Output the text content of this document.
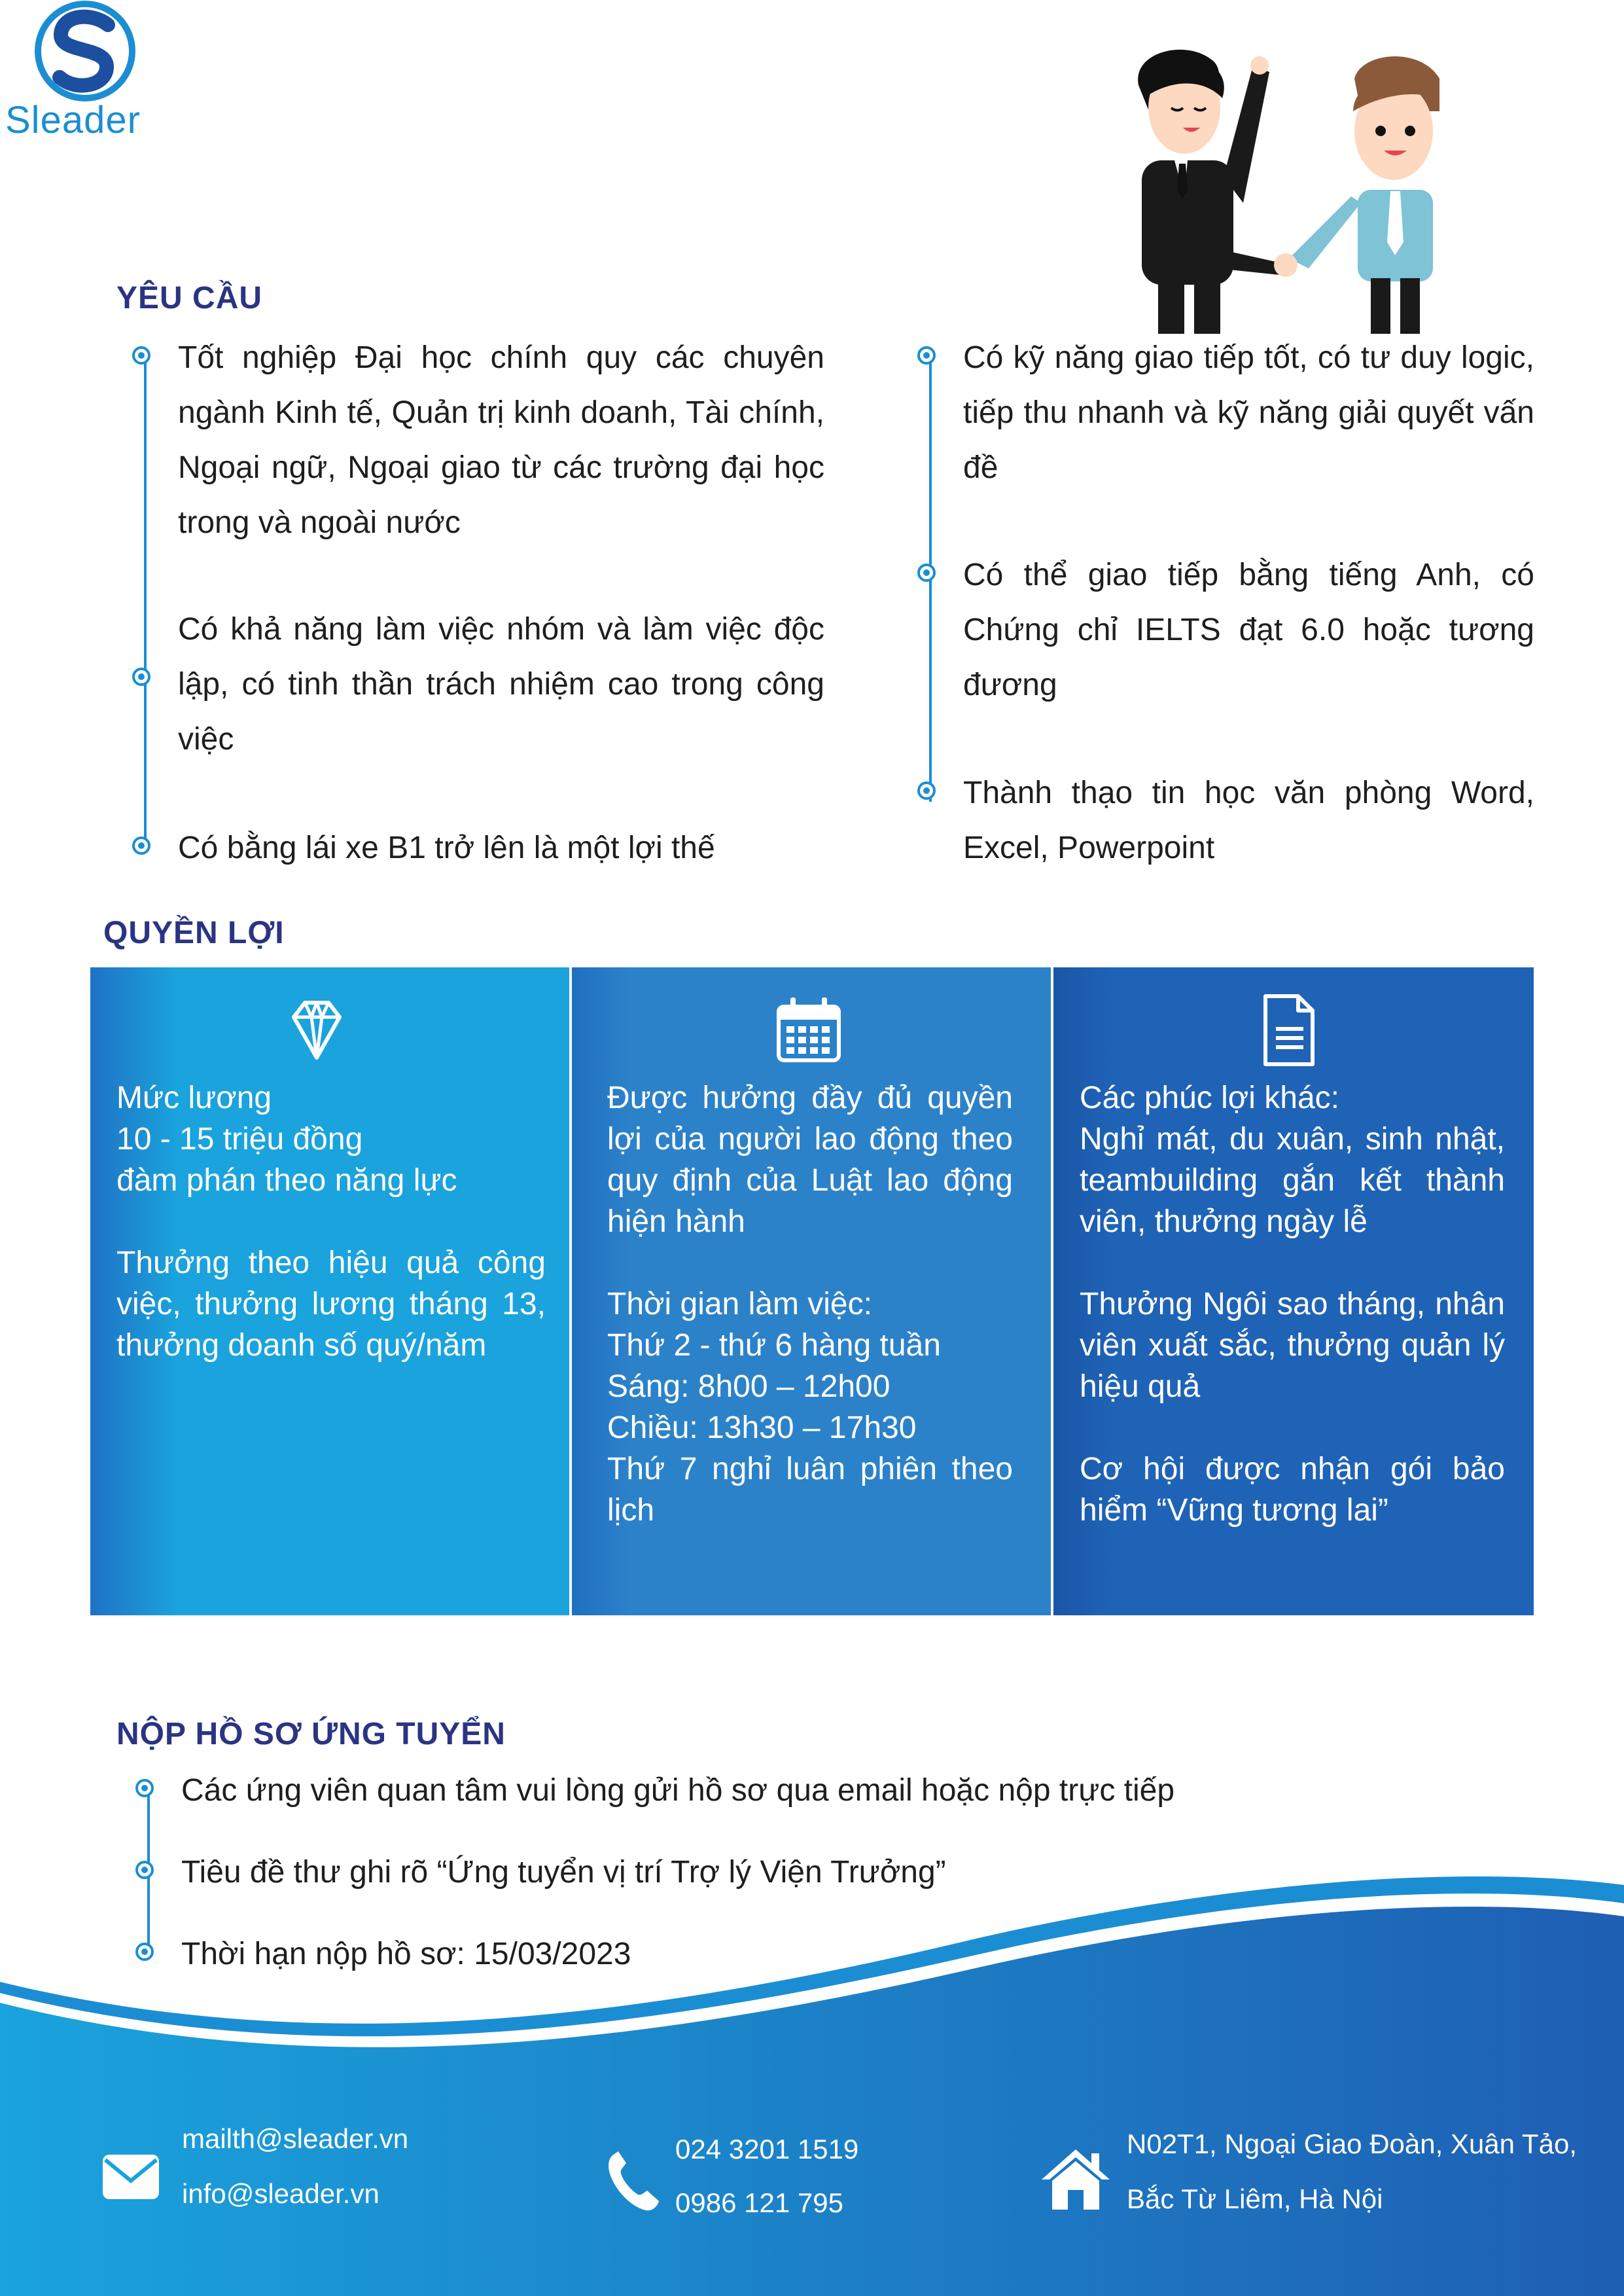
Sleader
YÊU CẦU
Tốt nghiệp Đại học chính quy các chuyên ngành Kinh tế, Quản trị kinh doanh, Tài chính, Ngoại ngữ, Ngoại giao từ các trường đại học trong và ngoài nước
Có khả năng làm việc nhóm và làm việc độc lập, có tinh thần trách nhiệm cao trong công việc
Có bằng lái xe B1 trở lên là một lợi thế
Có kỹ năng giao tiếp tốt, có tư duy logic, tiếp thu nhanh và kỹ năng giải quyết vấn đề
Có thể giao tiếp bằng tiếng Anh, có Chứng chỉ IELTS đạt 6.0 hoặc tương đương
Thành thạo tin học văn phòng Word, Excel, Powerpoint
QUYỀN LỢI
Mức lương
10 - 15 triệu đồng
đàm phán theo năng lực

Thưởng theo hiệu quả công việc, thưởng lương tháng 13, thưởng doanh số quý/năm
Được hưởng đầy đủ quyền lợi của người lao động theo quy định của Luật lao động hiện hành

Thời gian làm việc:
Thứ 2 - thứ 6 hàng tuần
Sáng: 8h00 – 12h00
Chiều: 13h30 – 17h30
Thứ 7 nghỉ luân phiên theo lịch
Các phúc lợi khác:
Nghỉ mát, du xuân, sinh nhật, teambuilding gắn kết thành viên, thưởng ngày lễ

Thưởng Ngôi sao tháng, nhân viên xuất sắc, thưởng quản lý hiệu quả

Cơ hội được nhận gói bảo hiểm “Vững tương lai”
NỘP HỒ SƠ ỨNG TUYỂN
Các ứng viên quan tâm vui lòng gửi hồ sơ qua email hoặc nộp trực tiếp
Tiêu đề thư ghi rõ “Ứng tuyển vị trí Trợ lý Viện Trưởng”
Thời hạn nộp hồ sơ: 15/03/2023
mailth@sleader.vn
info@sleader.vn
024 3201 1519
0986 121 795
N02T1, Ngoại Giao Đoàn, Xuân Tảo,
Bắc Từ Liêm, Hà Nội
